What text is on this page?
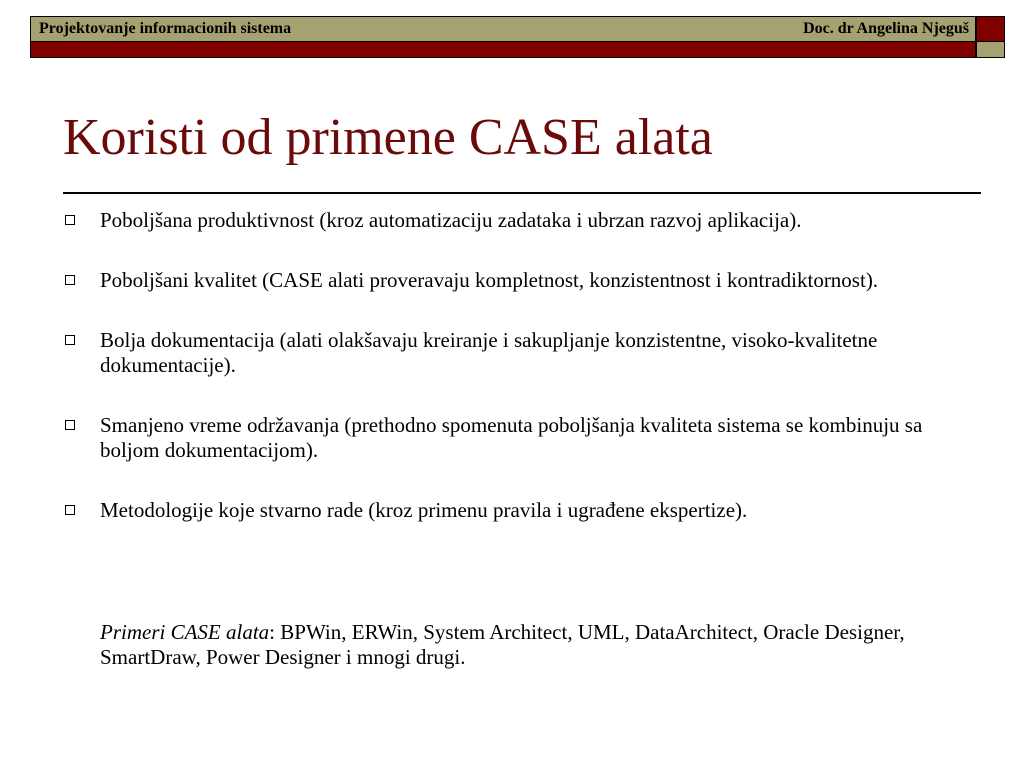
Projektovanje informacionih sistema	Doc. dr Angelina Njeguš
Koristi od primene CASE alata
Poboljšana produktivnost (kroz automatizaciju zadataka i ubrzan razvoj aplikacija).
Poboljšani kvalitet (CASE alati proveravaju kompletnost, konzistentnost i kontradiktornost).
Bolja dokumentacija (alati olakšavaju kreiranje i sakupljanje konzistentne, visoko-kvalitetne dokumentacije).
Smanjeno vreme održavanja (prethodno spomenuta poboljšanja kvaliteta sistema se kombinuju sa boljom dokumentacijom).
Metodologije koje stvarno rade (kroz primenu pravila i ugrađene ekspertize).
Primeri CASE alata: BPWin, ERWin, System Architect, UML, DataArchitect, Oracle Designer, SmartDraw, Power Designer i mnogi drugi.
